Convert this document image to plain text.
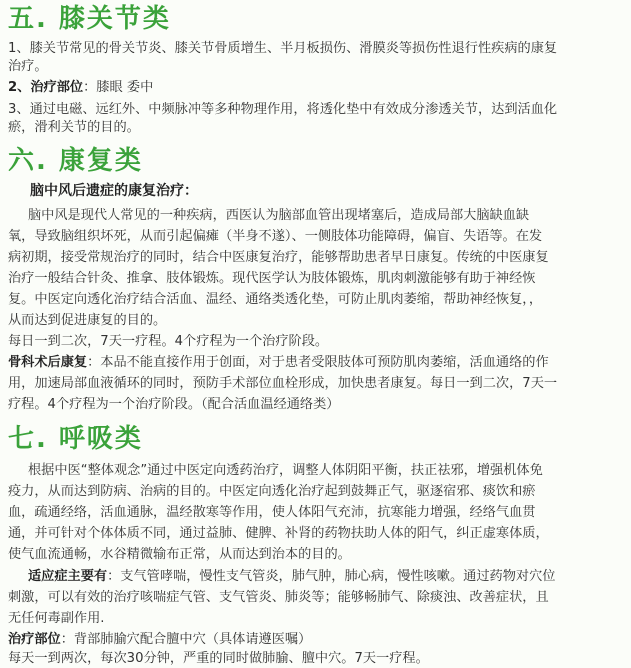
五. 膝关节类
1、膝关节常见的骨关节炎、膝关节骨质增生、半月板损伤、滑膜炎等损伤性退行性疾病的康复
治疗。
2、治疗部位：膝眼 委中
3、通过电磁、远红外、中频脉冲等多种物理作用，将透化垫中有效成分渗透关节，达到活血化
瘀，滑利关节的目的。
六. 康复类
脑中风后遗症的康复治疗：
脑中风是现代人常见的一种疾病，西医认为脑部血管出现堵塞后，造成局部大脑缺血缺
氧，导致脑组织坏死，从而引起偏瘫（半身不遂）、一侧肢体功能障碍，偏盲、失语等。在发
病初期，接受常规治疗的同时，结合中医康复治疗，能够帮助患者早日康复。传统的中医康复
治疗一般结合针灸、推拿、肢体锻炼。现代医学认为肢体锻炼，肌肉刺激能够有助于神经恢
复。中医定向透化治疗结合活血、温经、通络类透化垫，可防止肌肉萎缩，帮助神经恢复，，
从而达到促进康复的目的。
每日一到二次，7天一疗程。4个疗程为一个治疗阶段。
骨科术后康复：本品不能直接作用于创面，对于患者受限肢体可预防肌肉萎缩，活血通络的作
用，加速局部血液循环的同时，预防手术部位血栓形成，加快患者康复。每日一到二次，7天一
疗程。4个疗程为一个治疗阶段。（配合活血温经通络类）
七. 呼吸类
根据中医“整体观念”通过中医定向透药治疗，调整人体阴阳平衡，扶正祛邪，增强机体免
疫力，从而达到防病、治病的目的。中医定向透化治疗起到鼓舞正气，驱逐宿邪、痰饮和瘀
血，疏通经络，活血通脉，温经散寒等作用，使人体阳气充沛，抗寒能力增强，经络气血贯
通，并可针对个体体质不同，通过益肺、健脾、补肾的药物扶助人体的阳气，纠正虚寒体质，
使气血流通畅，水谷精微输布正常，从而达到治本的目的。
适应症主要有：支气管哮喘，慢性支气管炎，肺气肿，肺心病，慢性咳嗽。通过药物对穴位
刺激，可以有效的治疗咳喘症气管、支气管炎、肺炎等；能够畅肺气、除痰浊、改善症状，且
无任何毒副作用.
治疗部位：背部肺腧穴配合膻中穴（具体请遵医嘱）
每天一到两次，每次30分钟，严重的同时做肺腧、膻中穴。7天一疗程。
